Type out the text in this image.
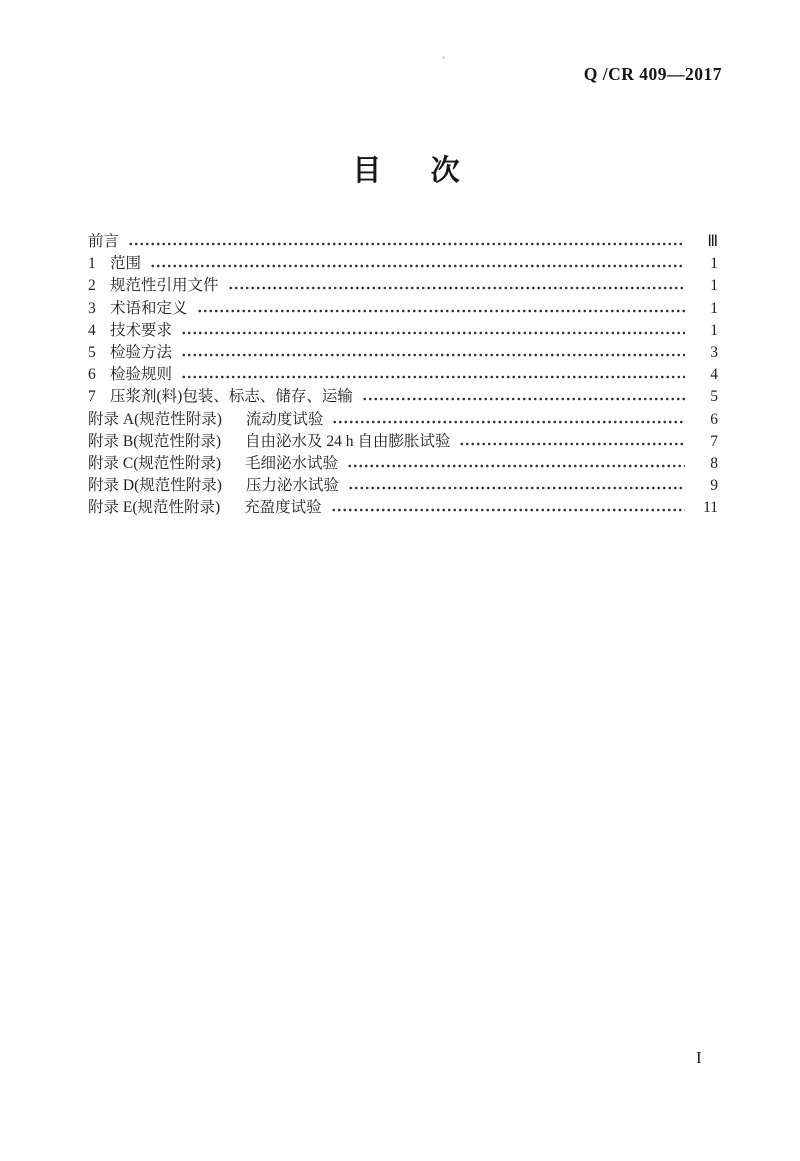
Q /CR 409—2017
目 次
前言	Ⅲ
1 范围	1
2 规范性引用文件	1
3 术语和定义	1
4 技术要求	1
5 检验方法	3
6 检验规则	4
7 压浆剂(料)包装、标志、储存、运输	5
附录 A(规范性附录) 流动度试验	6
附录 B(规范性附录) 自由泌水及 24 h 自由膨胀试验	7
附录 C(规范性附录) 毛细泌水试验	8
附录 D(规范性附录) 压力泌水试验	9
附录 E(规范性附录) 充盈度试验	11
I
